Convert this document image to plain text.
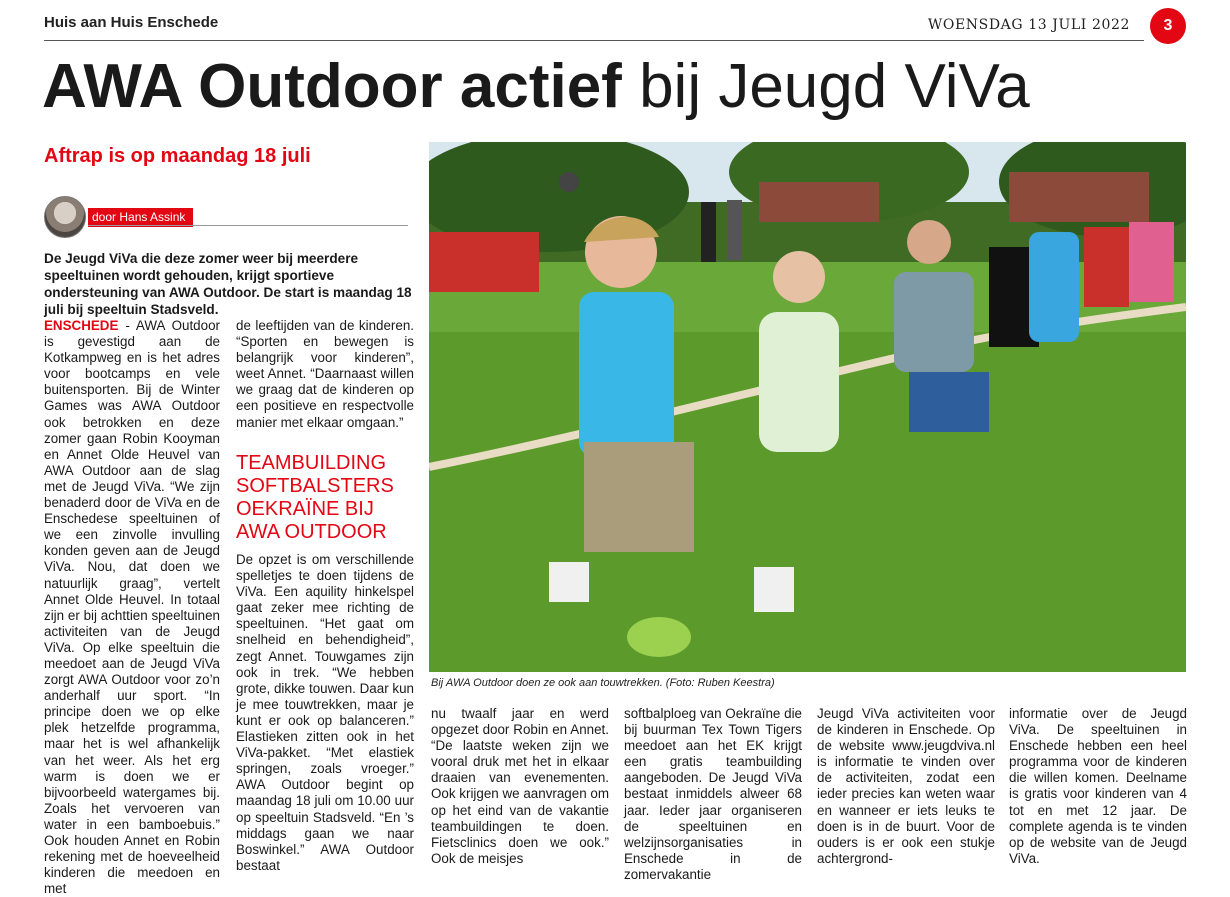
Huis aan Huis Enschede	WOENSDAG 13 JULI 2022	3
AWA Outdoor actief bij Jeugd ViVa
Aftrap is op maandag 18 juli
door Hans Assink
De Jeugd ViVa die deze zomer weer bij meerdere speeltuinen wordt gehouden, krijgt sportieve ondersteuning van AWA Outdoor. De start is maandag 18 juli bij speeltuin Stadsveld.
ENSCHEDE - AWA Outdoor is gevestigd aan de Kotkampweg en is het adres voor bootcamps en vele buitensporten. Bij de Winter Games was AWA Outdoor ook betrokken en deze zomer gaan Robin Kooyman en Annet Olde Heuvel van AWA Outdoor aan de slag met de Jeugd ViVa. “We zijn benaderd door de ViVa en de Enschedese speeltuinen of we een zinvolle invulling konden geven aan de Jeugd ViVa. Nou, dat doen we natuurlijk graag”, vertelt Annet Olde Heuvel. In totaal zijn er bij achttien speeltuinen activiteiten van de Jeugd ViVa. Op elke speeltuin die meedoet aan de Jeugd ViVa zorgt AWA Outdoor voor zo’n anderhalf uur sport. “In principe doen we op elke plek hetzelfde programma, maar het is wel afhankelijk van het weer. Als het erg warm is doen we er bijvoorbeeld watergames bij. Zoals het vervoeren van water in een bamboebuis.” Ook houden Annet en Robin rekening met de hoeveelheid kinderen die meedoen en met
de leeftijden van de kinderen. “Sporten en bewegen is belangrijk voor kinderen”, weet Annet. “Daarnaast willen we graag dat de kinderen op een positieve en respectvolle manier met elkaar omgaan.”
TEAMBUILDING SOFTBALSTERS OEKRAÏNE BIJ AWA OUTDOOR
De opzet is om verschillende spelletjes te doen tijdens de ViVa. Een aquility hinkelspel gaat zeker mee richting de speeltuinen. “Het gaat om snelheid en behendigheid”, zegt Annet. Touwgames zijn ook in trek. “We hebben grote, dikke touwen. Daar kun je mee touwtrekken, maar je kunt er ook op balanceren.” Elastieken zitten ook in het ViVa-pakket. “Met elastiek springen, zoals vroeger.” AWA Outdoor begint op maandag 18 juli om 10.00 uur op speeltuin Stadsveld. “En ’s middags gaan we naar Boswinkel.” AWA Outdoor bestaat
Bij AWA Outdoor doen ze ook aan touwtrekken. (Foto: Ruben Keestra)
nu twaalf jaar en werd opgezet door Robin en Annet. “De laatste weken zijn we vooral druk met het in elkaar draaien van evenementen. Ook krijgen we aanvragen om op het eind van de vakantie teambuildingen te doen. Fietsclinics doen we ook.” Ook de meisjes
softbalploeg van Oekraïne die bij buurman Tex Town Tigers meedoet aan het EK krijgt een gratis teambuilding aangeboden. De Jeugd ViVa bestaat inmiddels alweer 68 jaar. Ieder jaar organiseren de speeltuinen en welzijnsorganisaties in Enschede in de zomervakantie
Jeugd ViVa activiteiten voor de kinderen in Enschede. Op de website www.jeugdviva.nl is informatie te vinden over de activiteiten, zodat een ieder precies kan weten waar en wanneer er iets leuks te doen is in de buurt. Voor de ouders is er ook een stukje achtergrond-
informatie over de Jeugd ViVa. De speeltuinen in Enschede hebben een heel programma voor de kinderen die willen komen. Deelname is gratis voor kinderen van 4 tot en met 12 jaar. De complete agenda is te vinden op de website van de Jeugd ViVa.
